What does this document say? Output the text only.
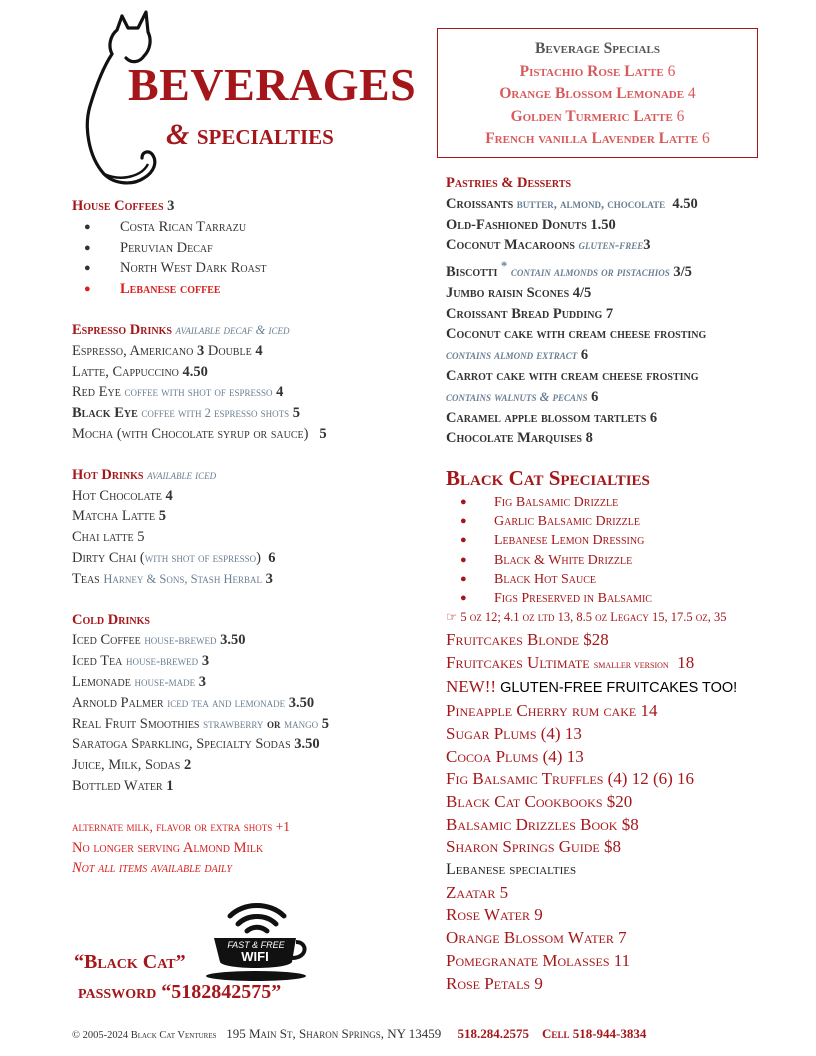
BEVERAGES
& specialties
Beverage Specials
Pistachio Rose Latte 6
Orange Blossom Lemonade 4
Golden Turmeric Latte 6
French vanilla Lavender Latte 6
House Coffees 3
● Costa Rican Tarrazu
● Peruvian Decaf
● North West Dark Roast
● Lebanese coffee
Espresso Drinks available decaf & iced
Espresso, Americano 3 Double 4
Latte, Cappuccino 4.50
Red Eye coffee with shot of espresso 4
Black Eye coffee with 2 espresso shots 5
Mocha (with Chocolate syrup or sauce) 5
Hot Drinks available iced
Hot Chocolate 4
Matcha Latte 5
Chai latte 5
Dirty Chai (with shot of espresso) 6
Teas Harney & Sons, Stash Herbal 3
Cold Drinks
Iced Coffee house-brewed 3.50
Iced Tea house-brewed 3
Lemonade house-made 3
Arnold Palmer iced tea and lemonade 3.50
Real Fruit Smoothies strawberry or mango 5
Saratoga Sparkling, Specialty Sodas 3.50
Juice, Milk, Sodas 2
Bottled Water 1
alternate milk, flavor or extra shots +1
No longer serving Almond Milk
Not all items available daily
Pastries & Desserts
Croissants butter, almond, chocolate 4.50
Old-Fashioned Donuts 1.50
Coconut Macaroons gluten-free3
Biscotti * contain almonds or pistachios 3/5
Jumbo raisin Scones 4/5
Croissant Bread Pudding 7
Coconut cake with cream cheese frosting
contains almond extract 6
Carrot cake with cream cheese frosting
contains walnuts & pecans 6
Caramel apple blossom tartlets 6
Chocolate Marquises 8
Black Cat Specialties
● Fig Balsamic Drizzle
● Garlic Balsamic Drizzle
● Lebanese Lemon Dressing
● Black & White Drizzle
● Black Hot Sauce
● Figs Preserved in Balsamic
☞ 5 oz 12; 4.1 oz ltd 13, 8.5 oz Legacy 15, 17.5 oz, 35
Fruitcakes Blonde $28
Fruitcakes Ultimate smaller version 18
NEW!! GLUTEN-FREE FRUITCAKES TOO!
Pineapple Cherry rum cake 14
Sugar Plums (4) 13
Cocoa Plums (4) 13
Fig Balsamic Truffles (4) 12 (6) 16
Black Cat Cookbooks $20
Balsamic Drizzles Book $8
Sharon Springs Guide $8
Lebanese specialties
Zaatar 5
Rose Water 9
Orange Blossom Water 7
Pomegranate Molasses 11
Rose Petals 9
FAST & FREE
WIFI
“Black Cat”
password “5182842575”
© 2005-2024 Black Cat Ventures 195 Main St, Sharon Springs, NY 13459 518.284.2575 Cell 518-944-3834
